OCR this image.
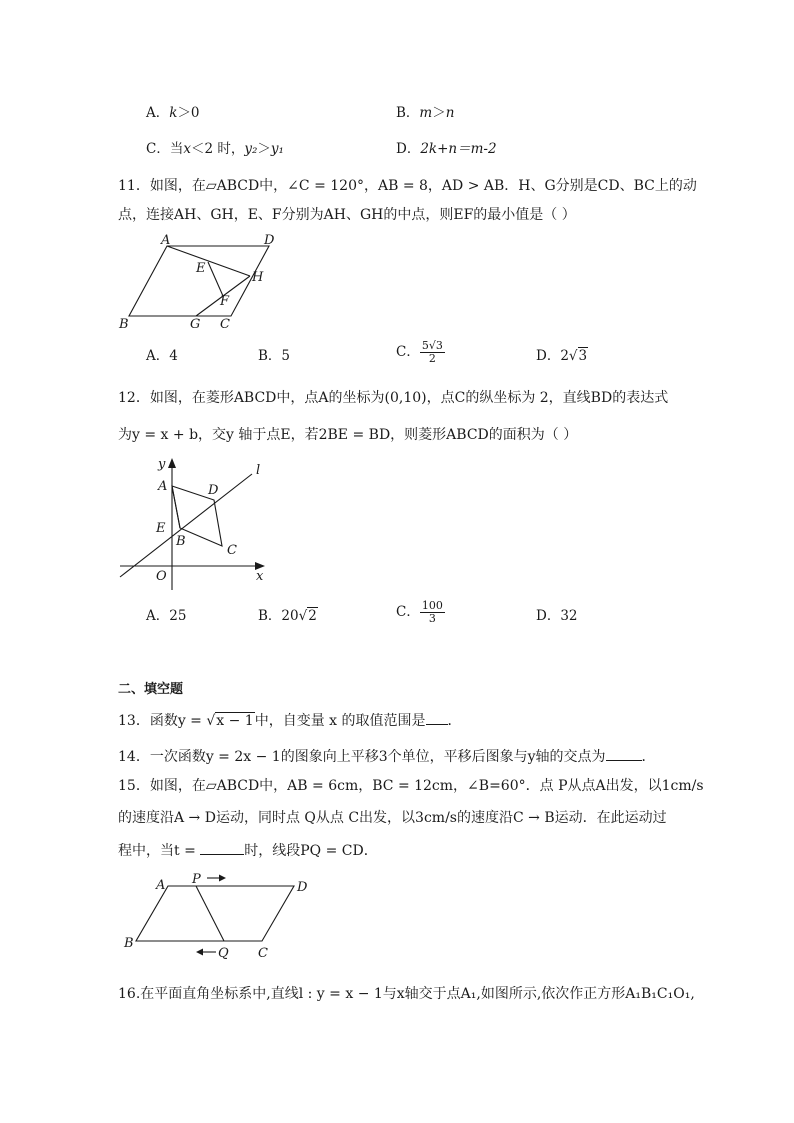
A．k＞0	B．m＞n
C．当x＜2 时，y₂＞y₁	D．2k+n＝m-2
11．如图，在▱ABCD中，∠C = 120°，AB = 8，AD > AB．H、G分别是CD、BC上的动
点，连接AH、GH，E、F分别为AH、GH的中点，则EF的最小值是（ ）
A	D
E
H
F
B	G C
A．4	B．5	C． $\frac{5√3}{2}$	D．2√3
12．如图，在菱形ABCD中，点A的坐标为(0,10)，点C的纵坐标为 2，直线BD的表达式
为y = x + b，交y 轴于点E，若2BE = BD，则菱形ABCD的面积为（ ）
y	l
A	D
E
B
C
O	x
A．25	B．20√2	C． $\frac{100}{3}$	D．32
二、填空题
13．函数y = √x − 1中，自变量 x 的取值范围是 ．
14．一次函数y = 2x − 1的图象向上平移3个单位，平移后图象与y轴的交点为	．
15．如图，在▱ABCD中，AB = 6cm，BC = 12cm，∠B=60°．点 P从点A出发，以1cm/s
的速度沿A → D运动，同时点 Q从点 C出发，以3cm/s的速度沿C → B运动．在此运动过
程中，当t =	时，线段PQ = CD．
A P
D
B
Q C
16.在平面直角坐标系中,直线l : y = x − 1与x轴交于点A₁,如图所示,依次作正方形A₁B₁C₁O₁,
